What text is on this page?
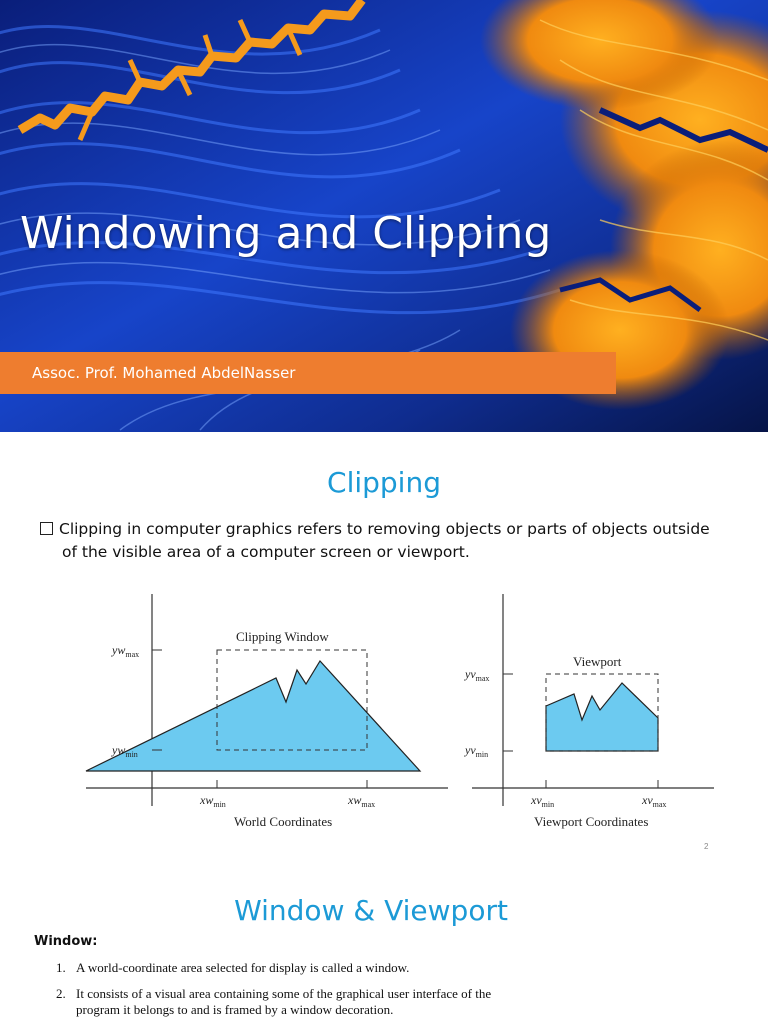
Windowing and Clipping
Assoc. Prof. Mohamed AbdelNasser
Clipping
Clipping in computer graphics refers to removing objects or parts of objects outside
of the visible area of a computer screen or viewport.
Clipping Window
$yw_{max}$
$yw_{min}$
$xw_{min}$	$xw_{max}$
World Coordinates
Viewport
$yv_{max}$
$yv_{min}$
$xv_{min}$	$xv_{max}$
Viewport Coordinates
2
Window & Viewport
Window:
1. A world-coordinate area selected for display is called a window.
2. It consists of a visual area containing some of the graphical user interface of the
program it belongs to and is framed by a window decoration.
